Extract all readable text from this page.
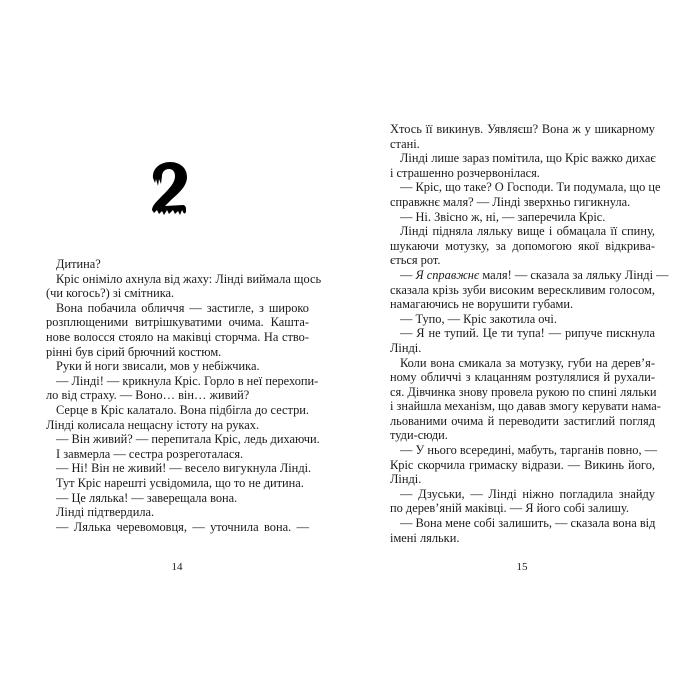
Дитина?
Кріс оніміло ахнула від жаху: Лінді виймала щось
(чи когось?) зі смітника.
Вона побачила обличчя — застигле, з широко
розплющеними витрішкуватими очима. Кашта-
нове волосся стояло на маківці сторчма. На ство-
рінні був сірий брючний костюм.
Руки й ноги звисали, мов у небіжчика.
— Лінді! — крикнула Кріс. Горло в неї перехопи-
ло від страху. — Воно… він… живий?
Серце в Кріс калатало. Вона підбігла до сестри.
Лінді колисала нещасну істоту на руках.
— Він живий? — перепитала Кріс, ледь дихаючи.
І завмерла — сестра розреготалася.
— Ні! Він не живий! — весело вигукнула Лінді.
Тут Кріс нарешті усвідомила, що то не дитина.
— Це лялька! — заверещала вона.
Лінді підтвердила.
— Лялька черевомовця, — уточнила вона. —
14
Хтось її викинув. Уявляєш? Вона ж у шикарному
стані.
Лінді лише зараз помітила, що Кріс важко дихає
і страшенно розчервонілася.
— Кріс, що таке? О Господи. Ти подумала, що це
справжнє маля? — Лінді зверхньо гигикнула.
— Ні. Звісно ж, ні, — заперечила Кріс.
Лінді підняла ляльку вище і обмацала її спину,
шукаючи мотузку, за допомогою якої відкрива-
ється рот.
— Я справжнє маля! — сказала за ляльку Лінді —
сказала крізь зуби високим верескливим голосом,
намагаючись не ворушити губами.
— Тупо, — Кріс закотила очі.
— Я не тупий. Це ти тупа! — рипуче пискнула
Лінді.
Коли вона смикала за мотузку, губи на дерев’я-
ному обличчі з клацанням розтулялися й рухали-
ся. Дівчинка знову провела рукою по спині ляльки
і знайшла механізм, що давав змогу керувати нама-
льованими очима й переводити застиглий погляд
туди-сюди.
— У нього всередині, мабуть, тарганів повно, —
Кріс скорчила гримаску відрази. — Викинь його,
Лінді.
— Дзуськи, — Лінді ніжно погладила знайду
по дерев’яній маківці. — Я його собі залишу.
— Вона мене собі залишить, — сказала вона від
імені ляльки.
15
